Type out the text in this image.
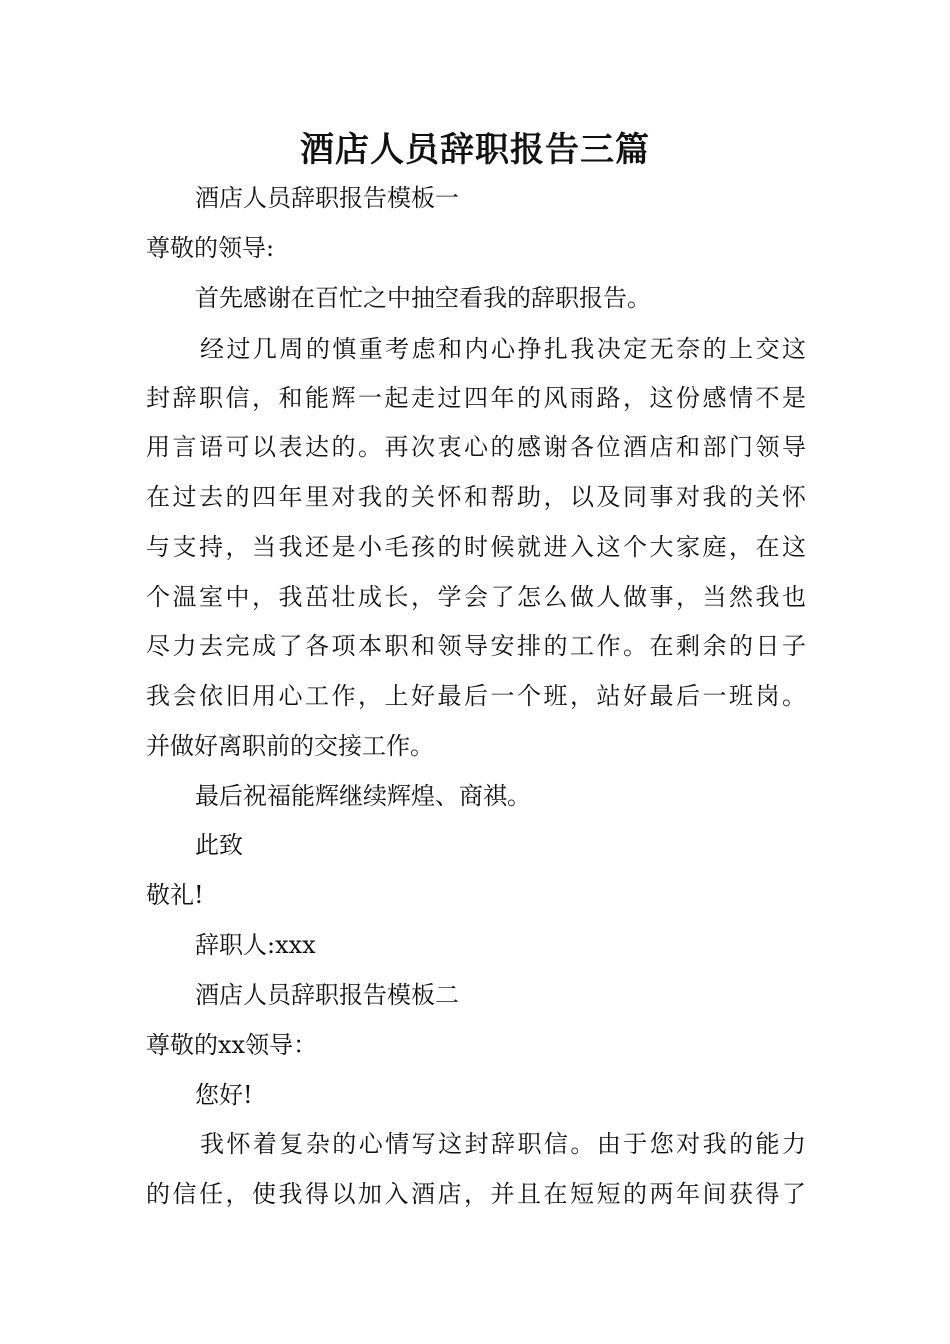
酒店人员辞职报告三篇
酒店人员辞职报告模板一
尊敬的领导:
首先感谢在百忙之中抽空看我的辞职报告。
经过几周的慎重考虑和内心挣扎我决定无奈的上交这
封辞职信，和能辉一起走过四年的风雨路，这份感情不是
用言语可以表达的。再次衷心的感谢各位酒店和部门领导
在过去的四年里对我的关怀和帮助，以及同事对我的关怀
与支持，当我还是小毛孩的时候就进入这个大家庭，在这
个温室中，我茁壮成长，学会了怎么做人做事，当然我也
尽力去完成了各项本职和领导安排的工作。在剩余的日子
我会依旧用心工作，上好最后一个班，站好最后一班岗。
并做好离职前的交接工作。
最后祝福能辉继续辉煌、商祺。
此致
敬礼!
辞职人:xxx
酒店人员辞职报告模板二
尊敬的xx领导：
您好!
我怀着复杂的心情写这封辞职信。由于您对我的能力
的信任，使我得以加入酒店，并且在短短的两年间获得了
